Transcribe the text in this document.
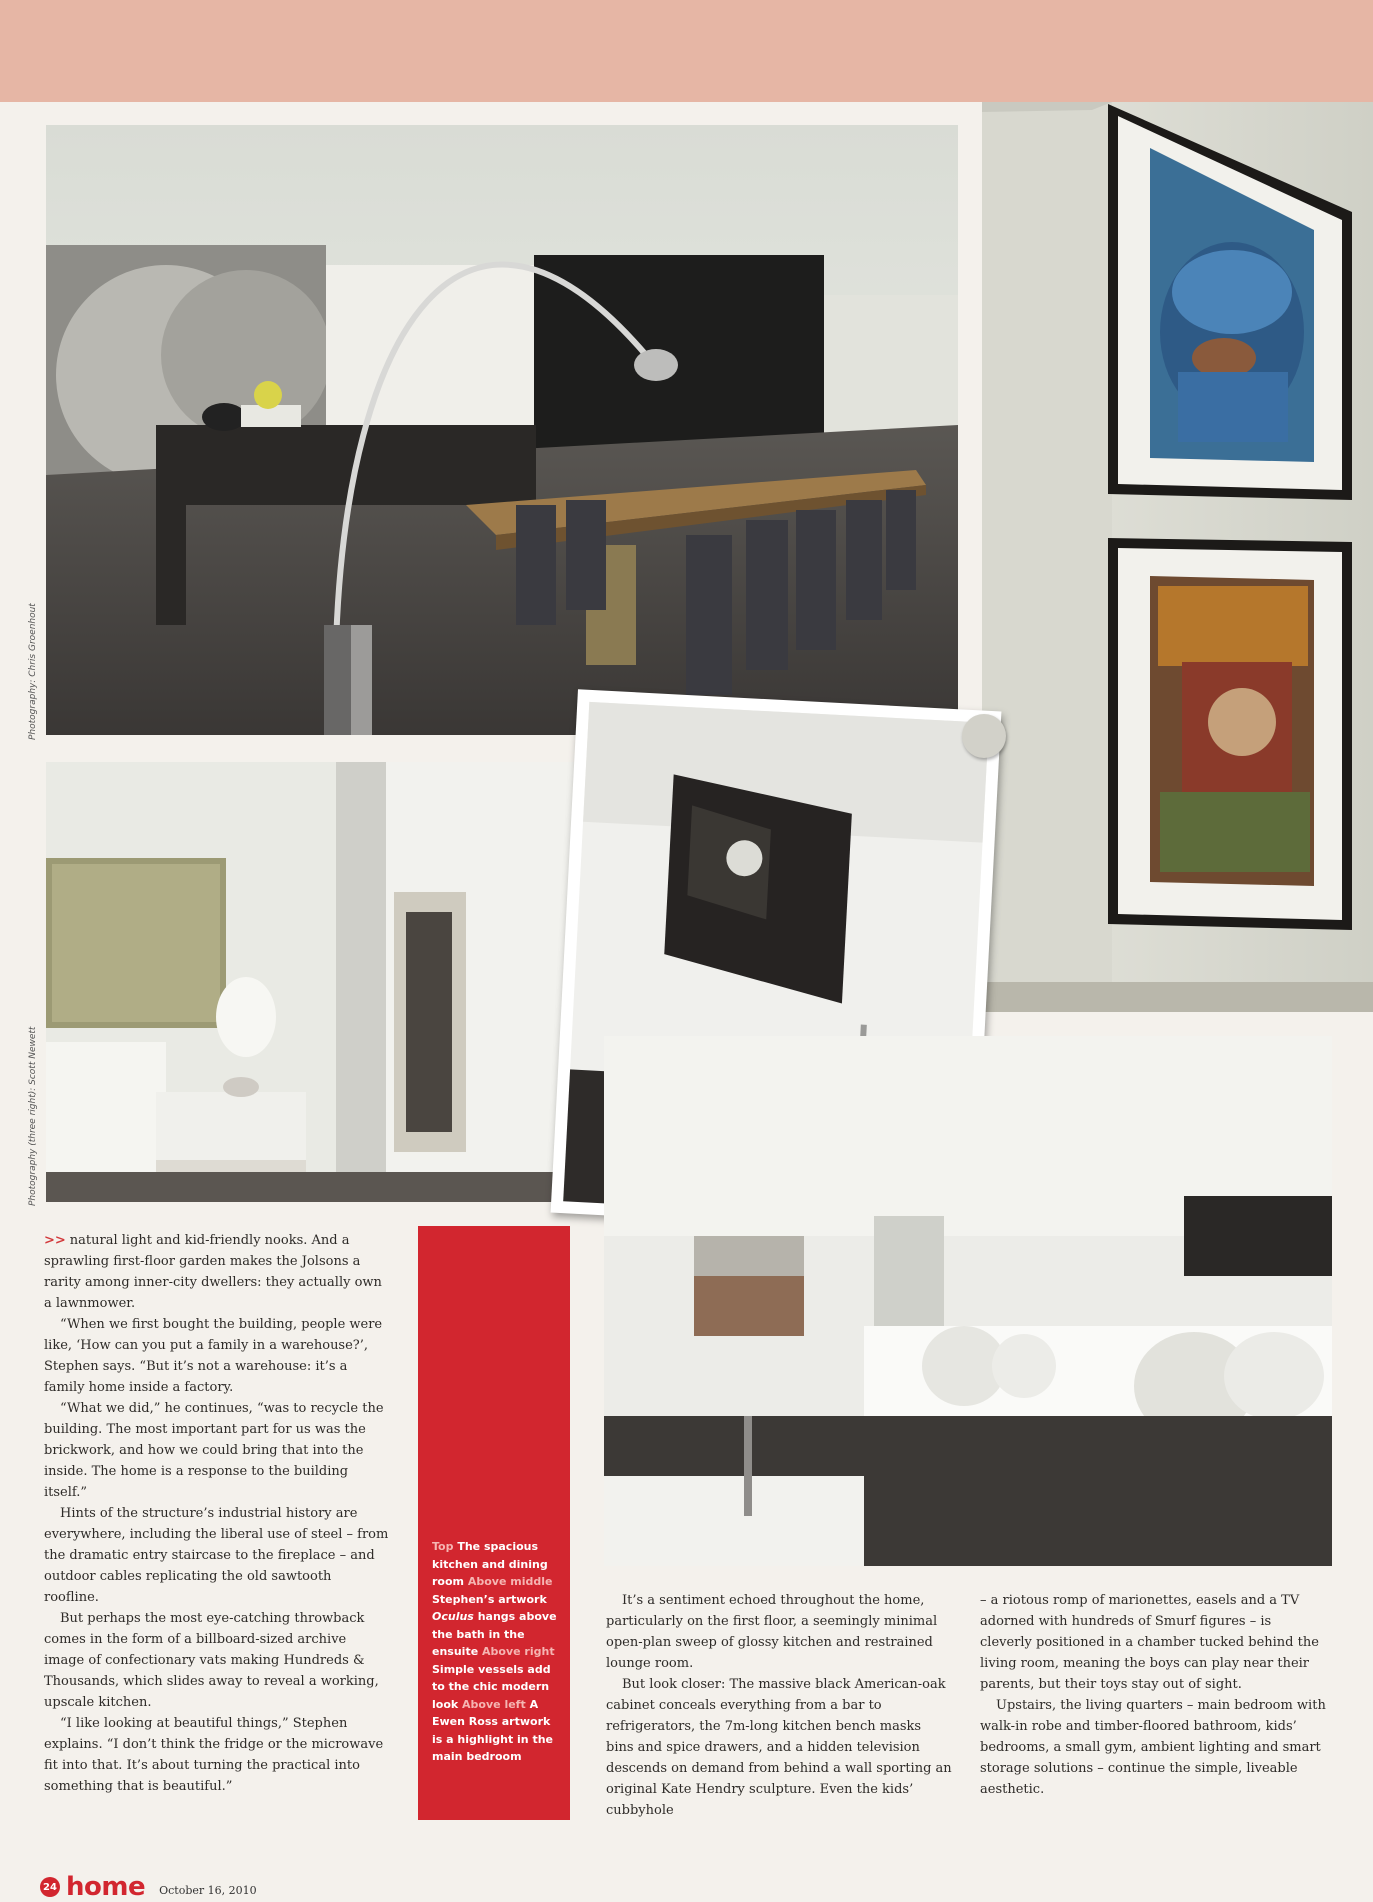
Photography: Chris Groenhout
Photography (three right): Scott Newett

>> natural light and kid-friendly nooks. And a sprawling first-floor garden makes the Jolsons a rarity among inner-city dwellers: they actually own a lawnmower.

“When we first bought the building, people were like, ‘How can you put a family in a warehouse?’, Stephen says. “But it’s not a warehouse: it’s a family home inside a factory.

“What we did,” he continues, “was to recycle the building. The most important part for us was the brickwork, and how we could bring that into the inside. The home is a response to the building itself.”

Hints of the structure’s industrial history are everywhere, including the liberal use of steel – from the dramatic entry staircase to the fireplace – and outdoor cables replicating the old sawtooth roofline.

But perhaps the most eye-catching throwback comes in the form of a billboard-sized archive image of confectionary vats making Hundreds & Thousands, which slides away to reveal a working, upscale kitchen.

“I like looking at beautiful things,” Stephen explains. “I don’t think the fridge or the microwave fit into that. It’s about turning the practical into something that is beautiful.”

Top The spacious kitchen and dining room Above middle Stephen’s artwork Oculus hangs above the bath in the ensuite Above right Simple vessels add to the chic modern look Above left A Ewen Ross artwork is a highlight in the main bedroom

It’s a sentiment echoed throughout the home, particularly on the first floor, a seemingly minimal open-plan sweep of glossy kitchen and restrained lounge room.

But look closer: The massive black American-oak cabinet conceals everything from a bar to refrigerators, the 7m-long kitchen bench masks bins and spice drawers, and a hidden television descends on demand from behind a wall sporting an original Kate Hendry sculpture. Even the kids’ cubbyhole

– a riotous romp of marionettes, easels and a TV adorned with hundreds of Smurf figures – is cleverly positioned in a chamber tucked behind the living room, meaning the boys can play near their parents, but their toys stay out of sight.

Upstairs, the living quarters – main bedroom with walk-in robe and timber-floored bathroom, kids’ bedrooms, a small gym, ambient lighting and smart storage solutions – continue the simple, liveable aesthetic.

24 home October 16, 2010
